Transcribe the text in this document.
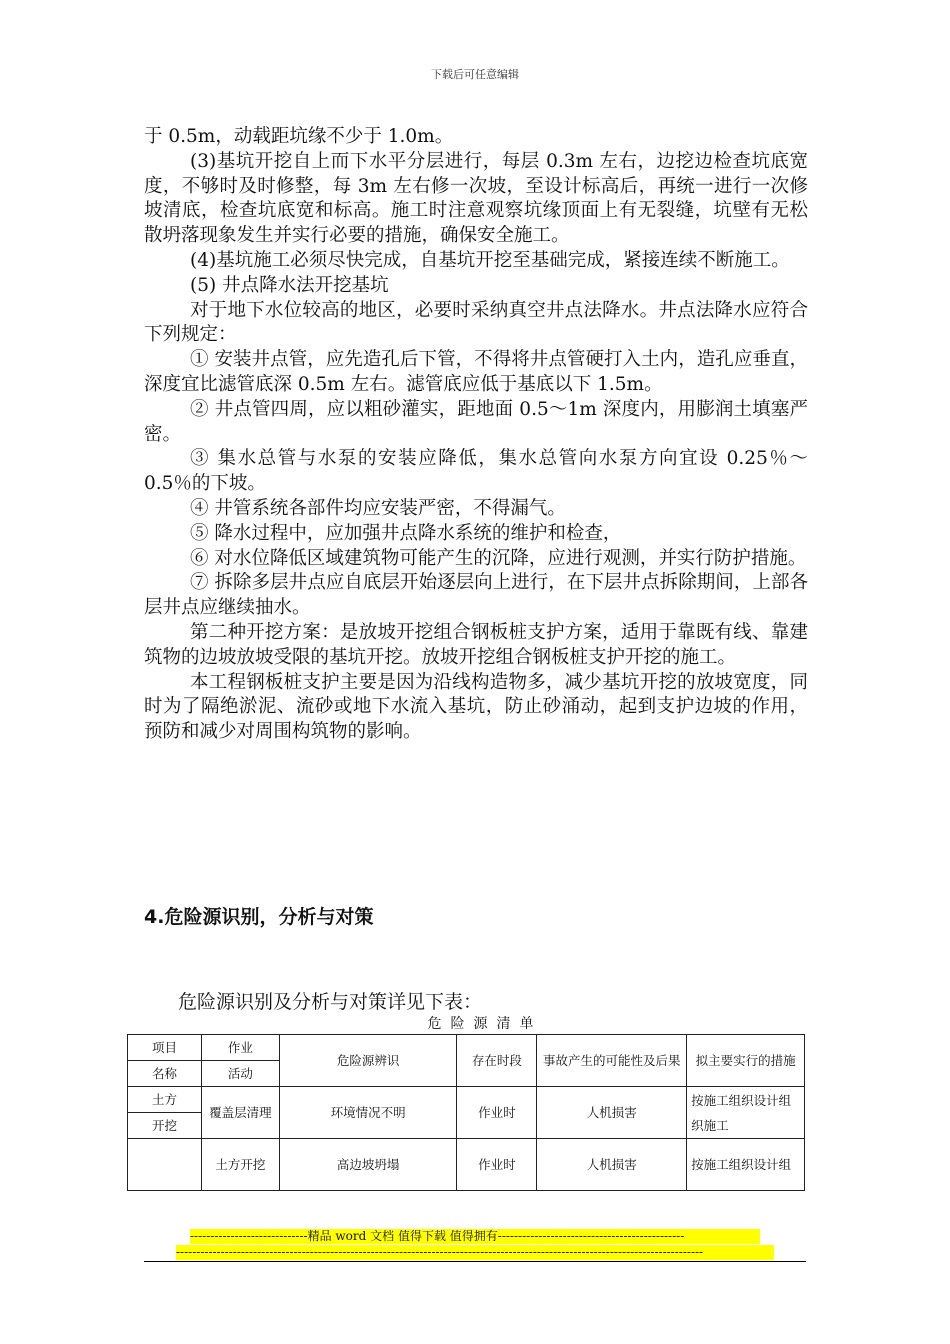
下载后可任意编辑

于 0.5m，动载距坑缘不少于 1.0m。

(3)基坑开挖自上而下水平分层进行，每层 0.3m 左右，边挖边检查坑底宽度，不够时及时修整，每 3m 左右修一次坡，至设计标高后，再统一进行一次修坡清底，检查坑底宽和标高。施工时注意观察坑缘顶面上有无裂缝，坑壁有无松散坍落现象发生并实行必要的措施，确保安全施工。

(4)基坑施工必须尽快完成，自基坑开挖至基础完成，紧接连续不断施工。

(5) 井点降水法开挖基坑

对于地下水位较高的地区，必要时采纳真空井点法降水。井点法降水应符合下列规定：

① 安装井点管，应先造孔后下管，不得将井点管硬打入土内，造孔应垂直，深度宜比滤管底深 0.5m 左右。滤管底应低于基底以下 1.5m。

② 井点管四周，应以粗砂灌实，距地面 0.5～1m 深度内，用膨润土填塞严密。

③ 集水总管与水泵的安装应降低，集水总管向水泵方向宜设 0.25％～0.5％的下坡。

④ 井管系统各部件均应安装严密，不得漏气。

⑤ 降水过程中，应加强井点降水系统的维护和检查，

⑥ 对水位降低区域建筑物可能产生的沉降，应进行观测，并实行防护措施。

⑦ 拆除多层井点应自底层开始逐层向上进行，在下层井点拆除期间，上部各层井点应继续抽水。

第二种开挖方案：是放坡开挖组合钢板桩支护方案，适用于靠既有线、靠建筑物的边坡放坡受限的基坑开挖。放坡开挖组合钢板桩支护开挖的施工。

本工程钢板桩支护主要是因为沿线构造物多，减少基坑开挖的放坡宽度，同时为了隔绝淤泥、流砂或地下水流入基坑，防止砂涌动，起到支护边坡的作用，预防和减少对周围构筑物的影响。

4.危险源识别，分析与对策
危险源识别及分析与对策详见下表：
危险源清单
项目	作业	危险源辨识	存在时段	事故产生的可能性及后果	拟主要实行的措施
名称	活动				
土方	覆盖层清理	环境情况不明	作业时	人机损害	按施工组织设计组织施工
开挖					
	土方开挖	高边坡坍塌	作业时	人机损害	按施工组织设计组
-----------------------------精品 word 文档 值得下载 值得拥有----------------------------------------------
----------------------------------------------------------------------------------------------------------------------------------
